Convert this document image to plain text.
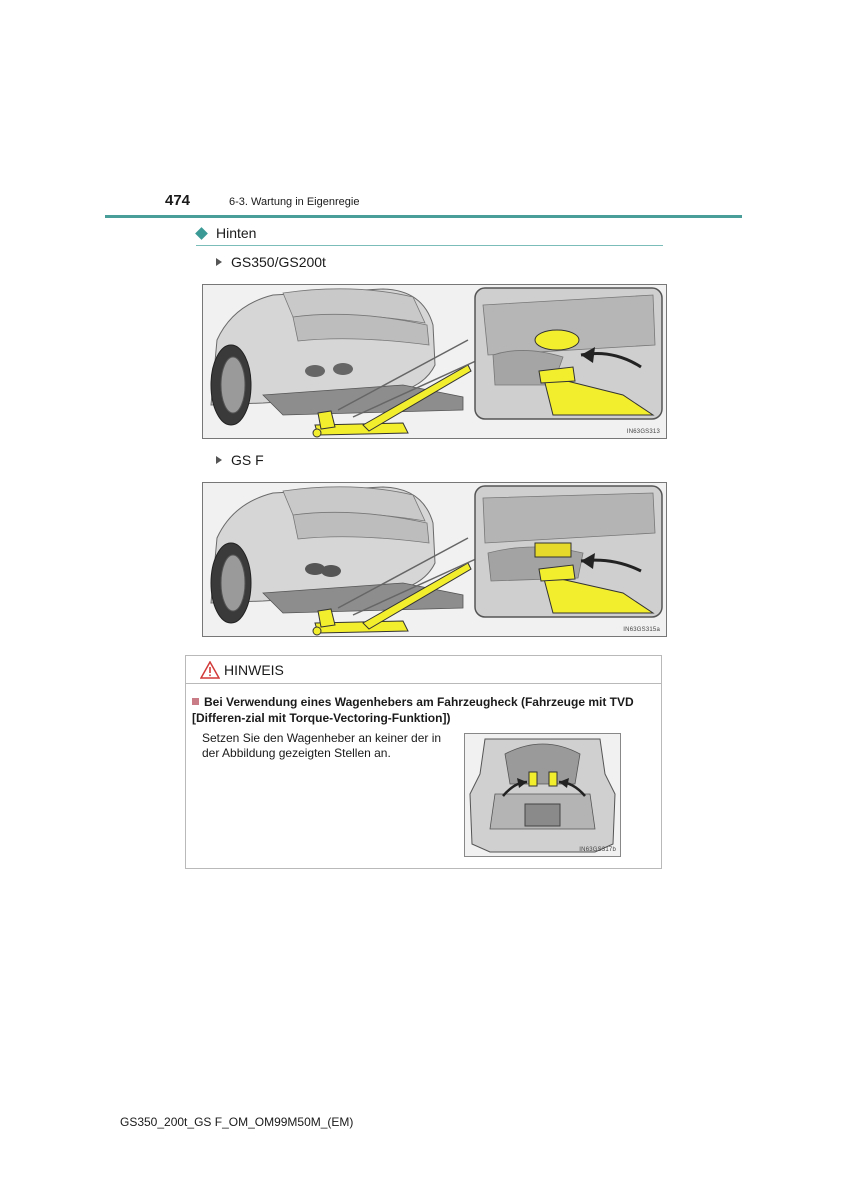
474	6-3. Wartung in Eigenregie
Hinten
GS350/GS200t
IN63GS313
GS F
IN63GS315a
HINWEIS
Bei Verwendung eines Wagenhebers am Fahrzeugheck (Fahrzeuge mit TVD [Differen-zial mit Torque-Vectoring-Funktion])
Setzen Sie den Wagenheber an keiner der in der Abbildung gezeigten Stellen an.
IN63GS317b
GS350_200t_GS F_OM_OM99M50M_(EM)
